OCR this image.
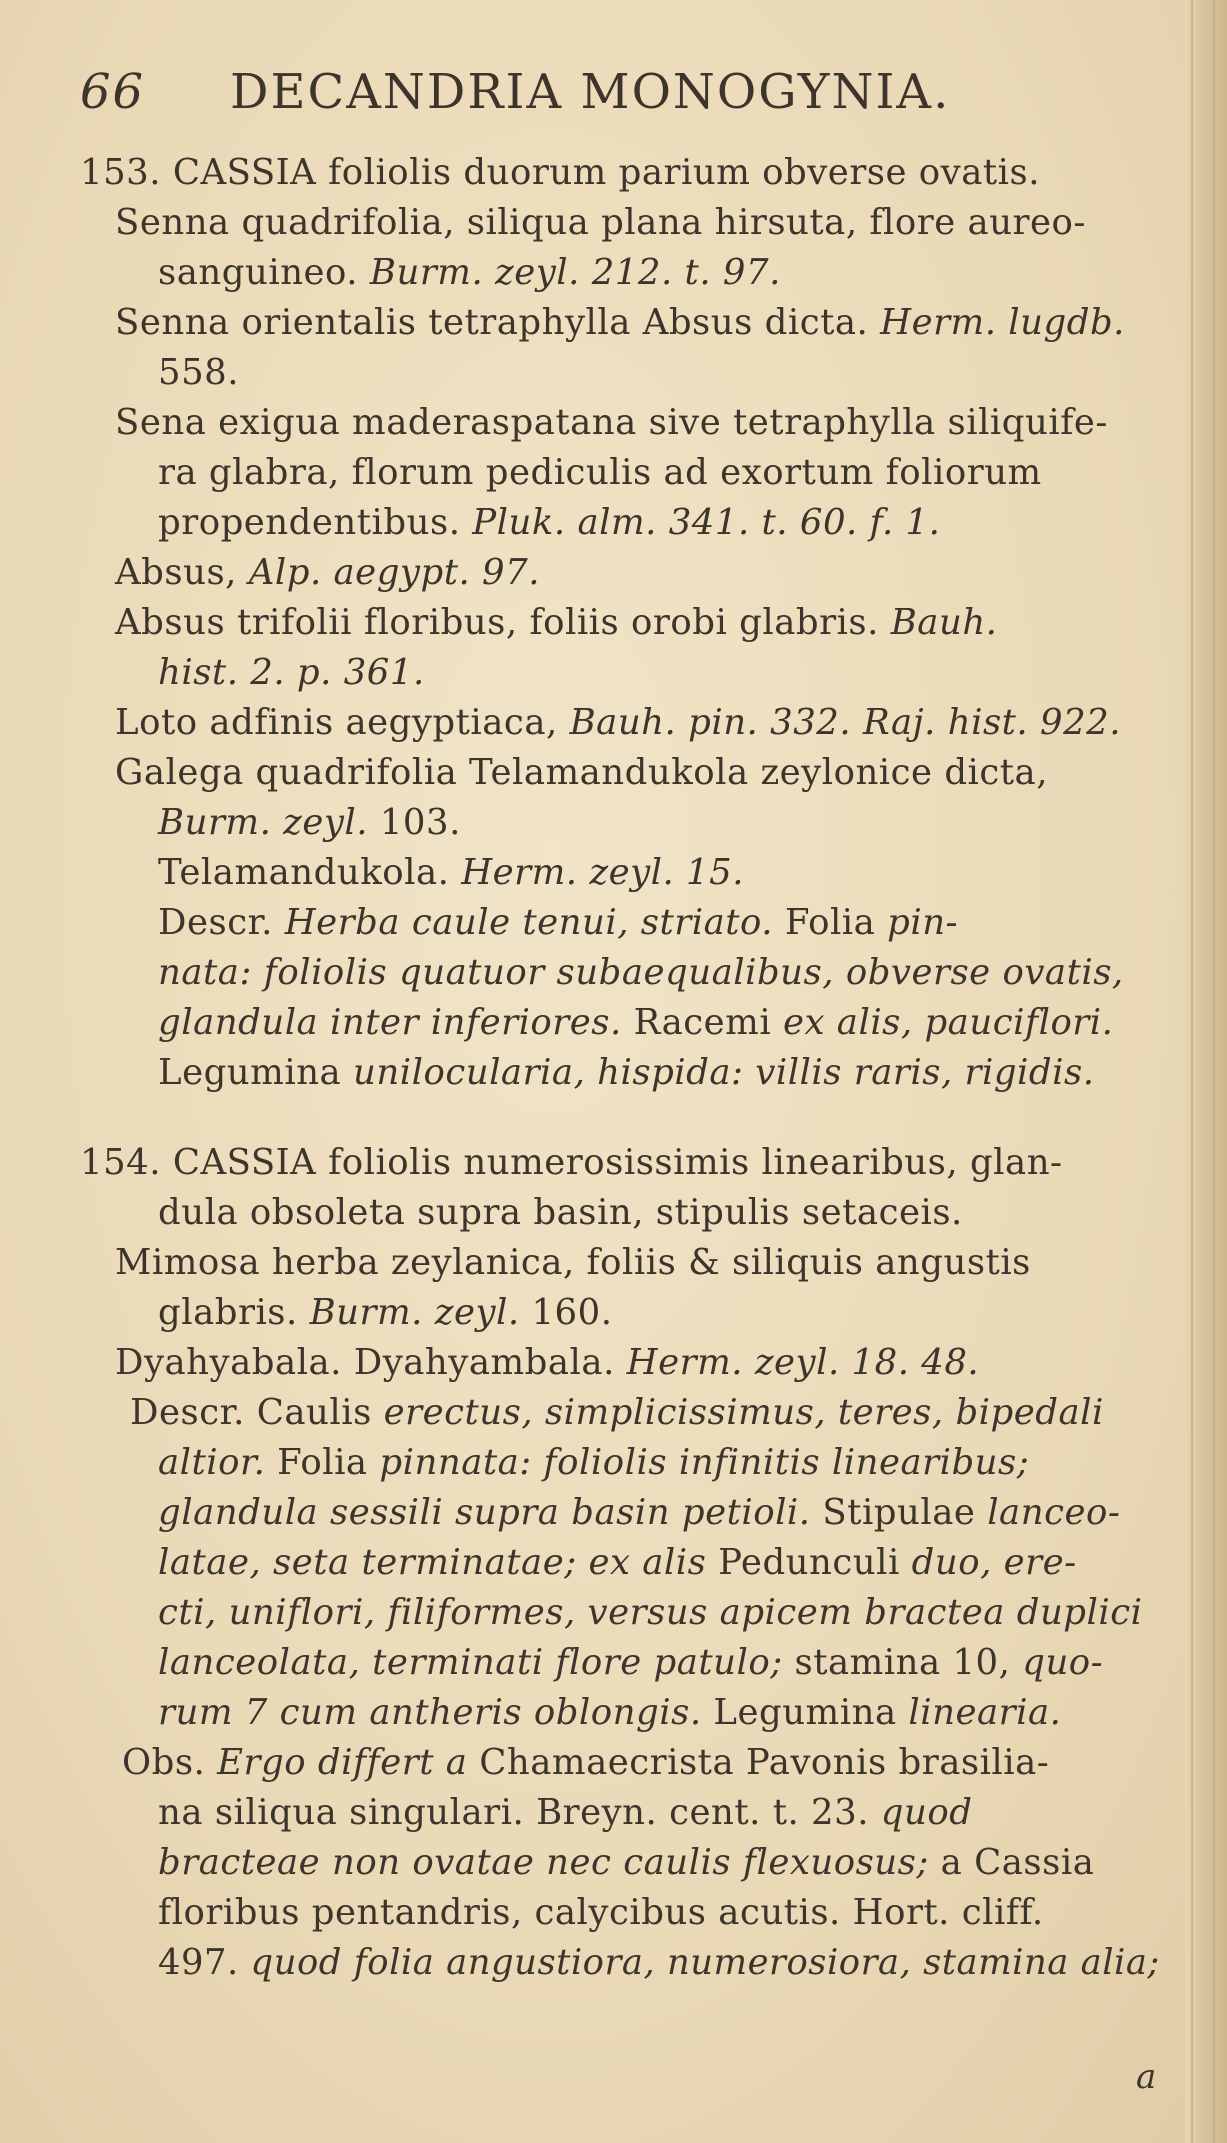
66 DECANDRIA MONOGYNIA.
153. CASSIA foliolis duorum parium obverse ovatis.
Senna quadrifolia, siliqua plana hirsuta, flore aureo-
sanguineo. Burm. zeyl. 212. t. 97.
Senna orientalis tetraphylla Absus dicta. Herm. lugdb.
558.
Sena exigua maderaspatana sive tetraphylla siliquife-
ra glabra, florum pediculis ad exortum foliorum
propendentibus. Pluk. alm. 341. t. 60. f. 1.
Absus, Alp. aegypt. 97.
Absus trifolii floribus, foliis orobi glabris. Bauh.
hist. 2. p. 361.
Loto adfinis aegyptiaca, Bauh. pin. 332. Raj. hist. 922.
Galega quadrifolia Telamandukola zeylonice dicta,
Burm. zeyl. 103.
Telamandukola. Herm. zeyl. 15.
Descr. Herba caule tenui, striato. Folia pin-
nata: foliolis quatuor subaequalibus, obverse ovatis,
glandula inter inferiores. Racemi ex alis, pauciflori.
Legumina unilocularia, hispida: villis raris, rigidis.
154. CASSIA foliolis numerosissimis linearibus, glan-
dula obsoleta supra basin, stipulis setaceis.
Mimosa herba zeylanica, foliis & siliquis angustis
glabris. Burm. zeyl. 160.
Dyahyabala. Dyahyambala. Herm. zeyl. 18. 48.
Descr. Caulis erectus, simplicissimus, teres, bipedali
altior. Folia pinnata: foliolis infinitis linearibus;
glandula sessili supra basin petioli. Stipulae lanceo-
latae, seta terminatae; ex alis Pedunculi duo, ere-
cti, uniflori, filiformes, versus apicem bractea duplici
lanceolata, terminati flore patulo; stamina 10, quo-
rum 7 cum antheris oblongis. Legumina linearia.
Obs. Ergo differt a Chamaecrista Pavonis brasilia-
na siliqua singulari. Breyn. cent. t. 23. quod
bracteae non ovatae nec caulis flexuosus; a Cassia
floribus pentandris, calycibus acutis. Hort. cliff.
497. quod folia angustiora, numerosiora, stamina alia;
a
